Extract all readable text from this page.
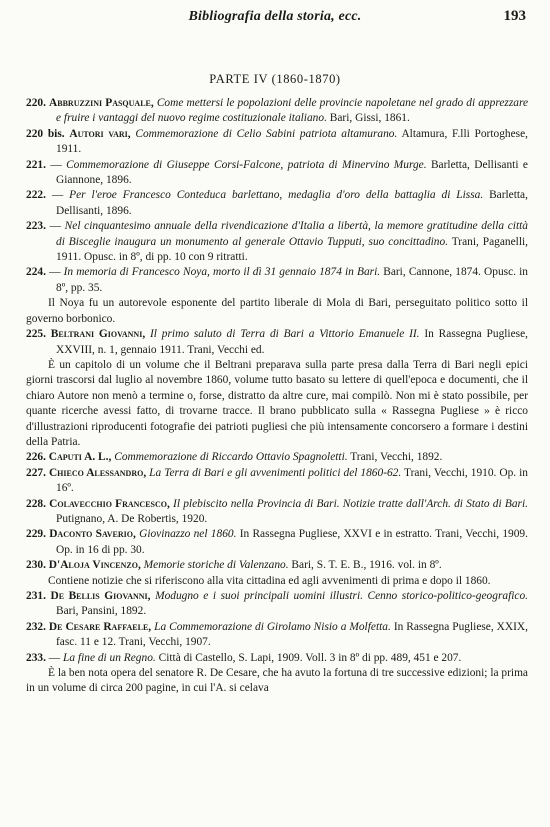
Bibliografia della storia, ecc.	193
PARTE IV (1860-1870)

220. Abbruzzini Pasquale, Come mettersi le popolazioni delle provincie napoletane nel grado di apprezzare e fruire i vantaggi del nuovo regime costituzionale italiano. Bari, Gissi, 1861.

220 bis. Autori vari, Commemorazione di Celio Sabini patriota altamurano. Altamura, F.lli Portoghese, 1911.

221. — Commemorazione di Giuseppe Corsi-Falcone, patriota di Minervino Murge. Barletta, Dellisanti e Giannone, 1896.

222. — Per l'eroe Francesco Conteduca barlettano, medaglia d'oro della battaglia di Lissa. Barletta, Dellisanti, 1896.

223. — Nel cinquantesimo annuale della rivendicazione d'Italia a libertà, la memore gratitudine della città di Bisceglie inaugura un monumento al generale Ottavio Tupputi, suo concittadino. Trani, Paganelli, 1911. Opusc. in 8º, di pp. 10 con 9 ritratti.

224. — In memoria di Francesco Noya, morto il dì 31 gennaio 1874 in Bari. Bari, Cannone, 1874. Opusc. in 8º, pp. 35.

Il Noya fu un autorevole esponente del partito liberale di Mola di Bari, perseguitato politico sotto il governo borbonico.

225. Beltrani Giovanni, Il primo saluto di Terra di Bari a Vittorio Emanuele II. In Rassegna Pugliese, XXVIII, n. 1, gennaio 1911. Trani, Vecchi ed.

È un capitolo di un volume che il Beltrani preparava sulla parte presa dalla Terra di Bari negli epici giorni trascorsi dal luglio al novembre 1860, volume tutto basato su lettere di quell'epoca e documenti, che il chiaro Autore non menò a termine o, forse, distratto da altre cure, mai compilò. Non mi è stato possibile, per quante ricerche avessi fatto, di trovarne tracce. Il brano pubblicato sulla « Rassegna Pugliese » è ricco d'illustrazioni riproducenti fotografie dei patrioti pugliesi che più intensamente concorsero a formare i destini della Patria.

226. Caputi A. L., Commemorazione di Riccardo Ottavio Spagnoletti. Trani, Vecchi, 1892.

227. Chieco Alessandro, La Terra di Bari e gli avvenimenti politici del 1860-62. Trani, Vecchi, 1910. Op. in 16º.

228. Colavecchio Francesco, Il plebiscito nella Provincia di Bari. Notizie tratte dall'Arch. di Stato di Bari. Putignano, A. De Robertis, 1920.

229. Daconto Saverio, Giovinazzo nel 1860. In Rassegna Pugliese, XXVI e in estratto. Trani, Vecchi, 1909. Op. in 16 di pp. 30.

230. D'Aloja Vincenzo, Memorie storiche di Valenzano. Bari, S. T. E. B., 1916. vol. in 8º.

Contiene notizie che si riferiscono alla vita cittadina ed agli avvenimenti di prima e dopo il 1860.

231. De Bellis Giovanni, Modugno e i suoi principali uomini illustri. Cenno storico-politico-geografico. Bari, Pansini, 1892.

232. De Cesare Raffaele, La Commemorazione di Girolamo Nisio a Molfetta. In Rassegna Pugliese, XXIX, fasc. 11 e 12. Trani, Vecchi, 1907.

233. — La fine di un Regno. Città di Castello, S. Lapi, 1909. Voll. 3 in 8º di pp. 489, 451 e 207.

È la ben nota opera del senatore R. De Cesare, che ha avuto la fortuna di tre successive edizioni; la prima in un volume di circa 200 pagine, in cui l'A. si celava
